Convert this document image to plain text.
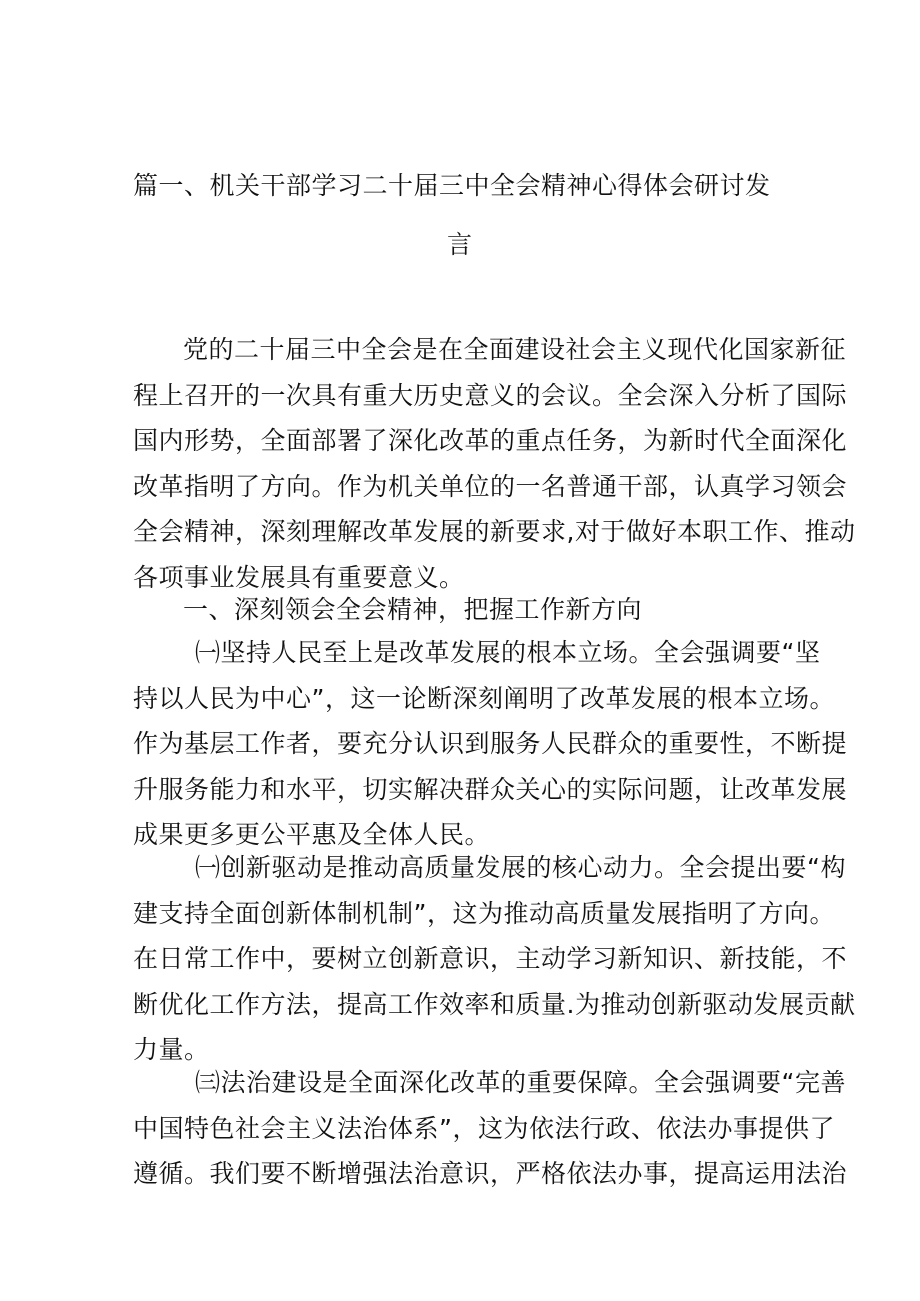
篇一、机关干部学习二十届三中全会精神心得体会研讨发
言
党的二十届三中全会是在全面建设社会主义现代化国家新征
程上召开的一次具有重大历史意义的会议。全会深入分析了国际
国内形势，全面部署了深化改革的重点任务，为新时代全面深化
改革指明了方向。作为机关单位的一名普通干部，认真学习领会
全会精神，深刻理解改革发展的新要求,对于做好本职工作、推动
各项事业发展具有重要意义。
一、深刻领会全会精神，把握工作新方向
㈠坚持人民至上是改革发展的根本立场。全会强调要“坚
持以人民为中心”，这一论断深刻阐明了改革发展的根本立场。
作为基层工作者，要充分认识到服务人民群众的重要性，不断提
升服务能力和水平，切实解决群众关心的实际问题，让改革发展
成果更多更公平惠及全体人民。
㈠创新驱动是推动高质量发展的核心动力。全会提出要“构
建支持全面创新体制机制”，这为推动高质量发展指明了方向。
在日常工作中，要树立创新意识，主动学习新知识、新技能，不
断优化工作方法，提高工作效率和质量.为推动创新驱动发展贡献
力量。
㈢法治建设是全面深化改革的重要保障。全会强调要“完善
中国特色社会主义法治体系”，这为依法行政、依法办事提供了
遵循。我们要不断增强法治意识，严格依法办事，提高运用法治
